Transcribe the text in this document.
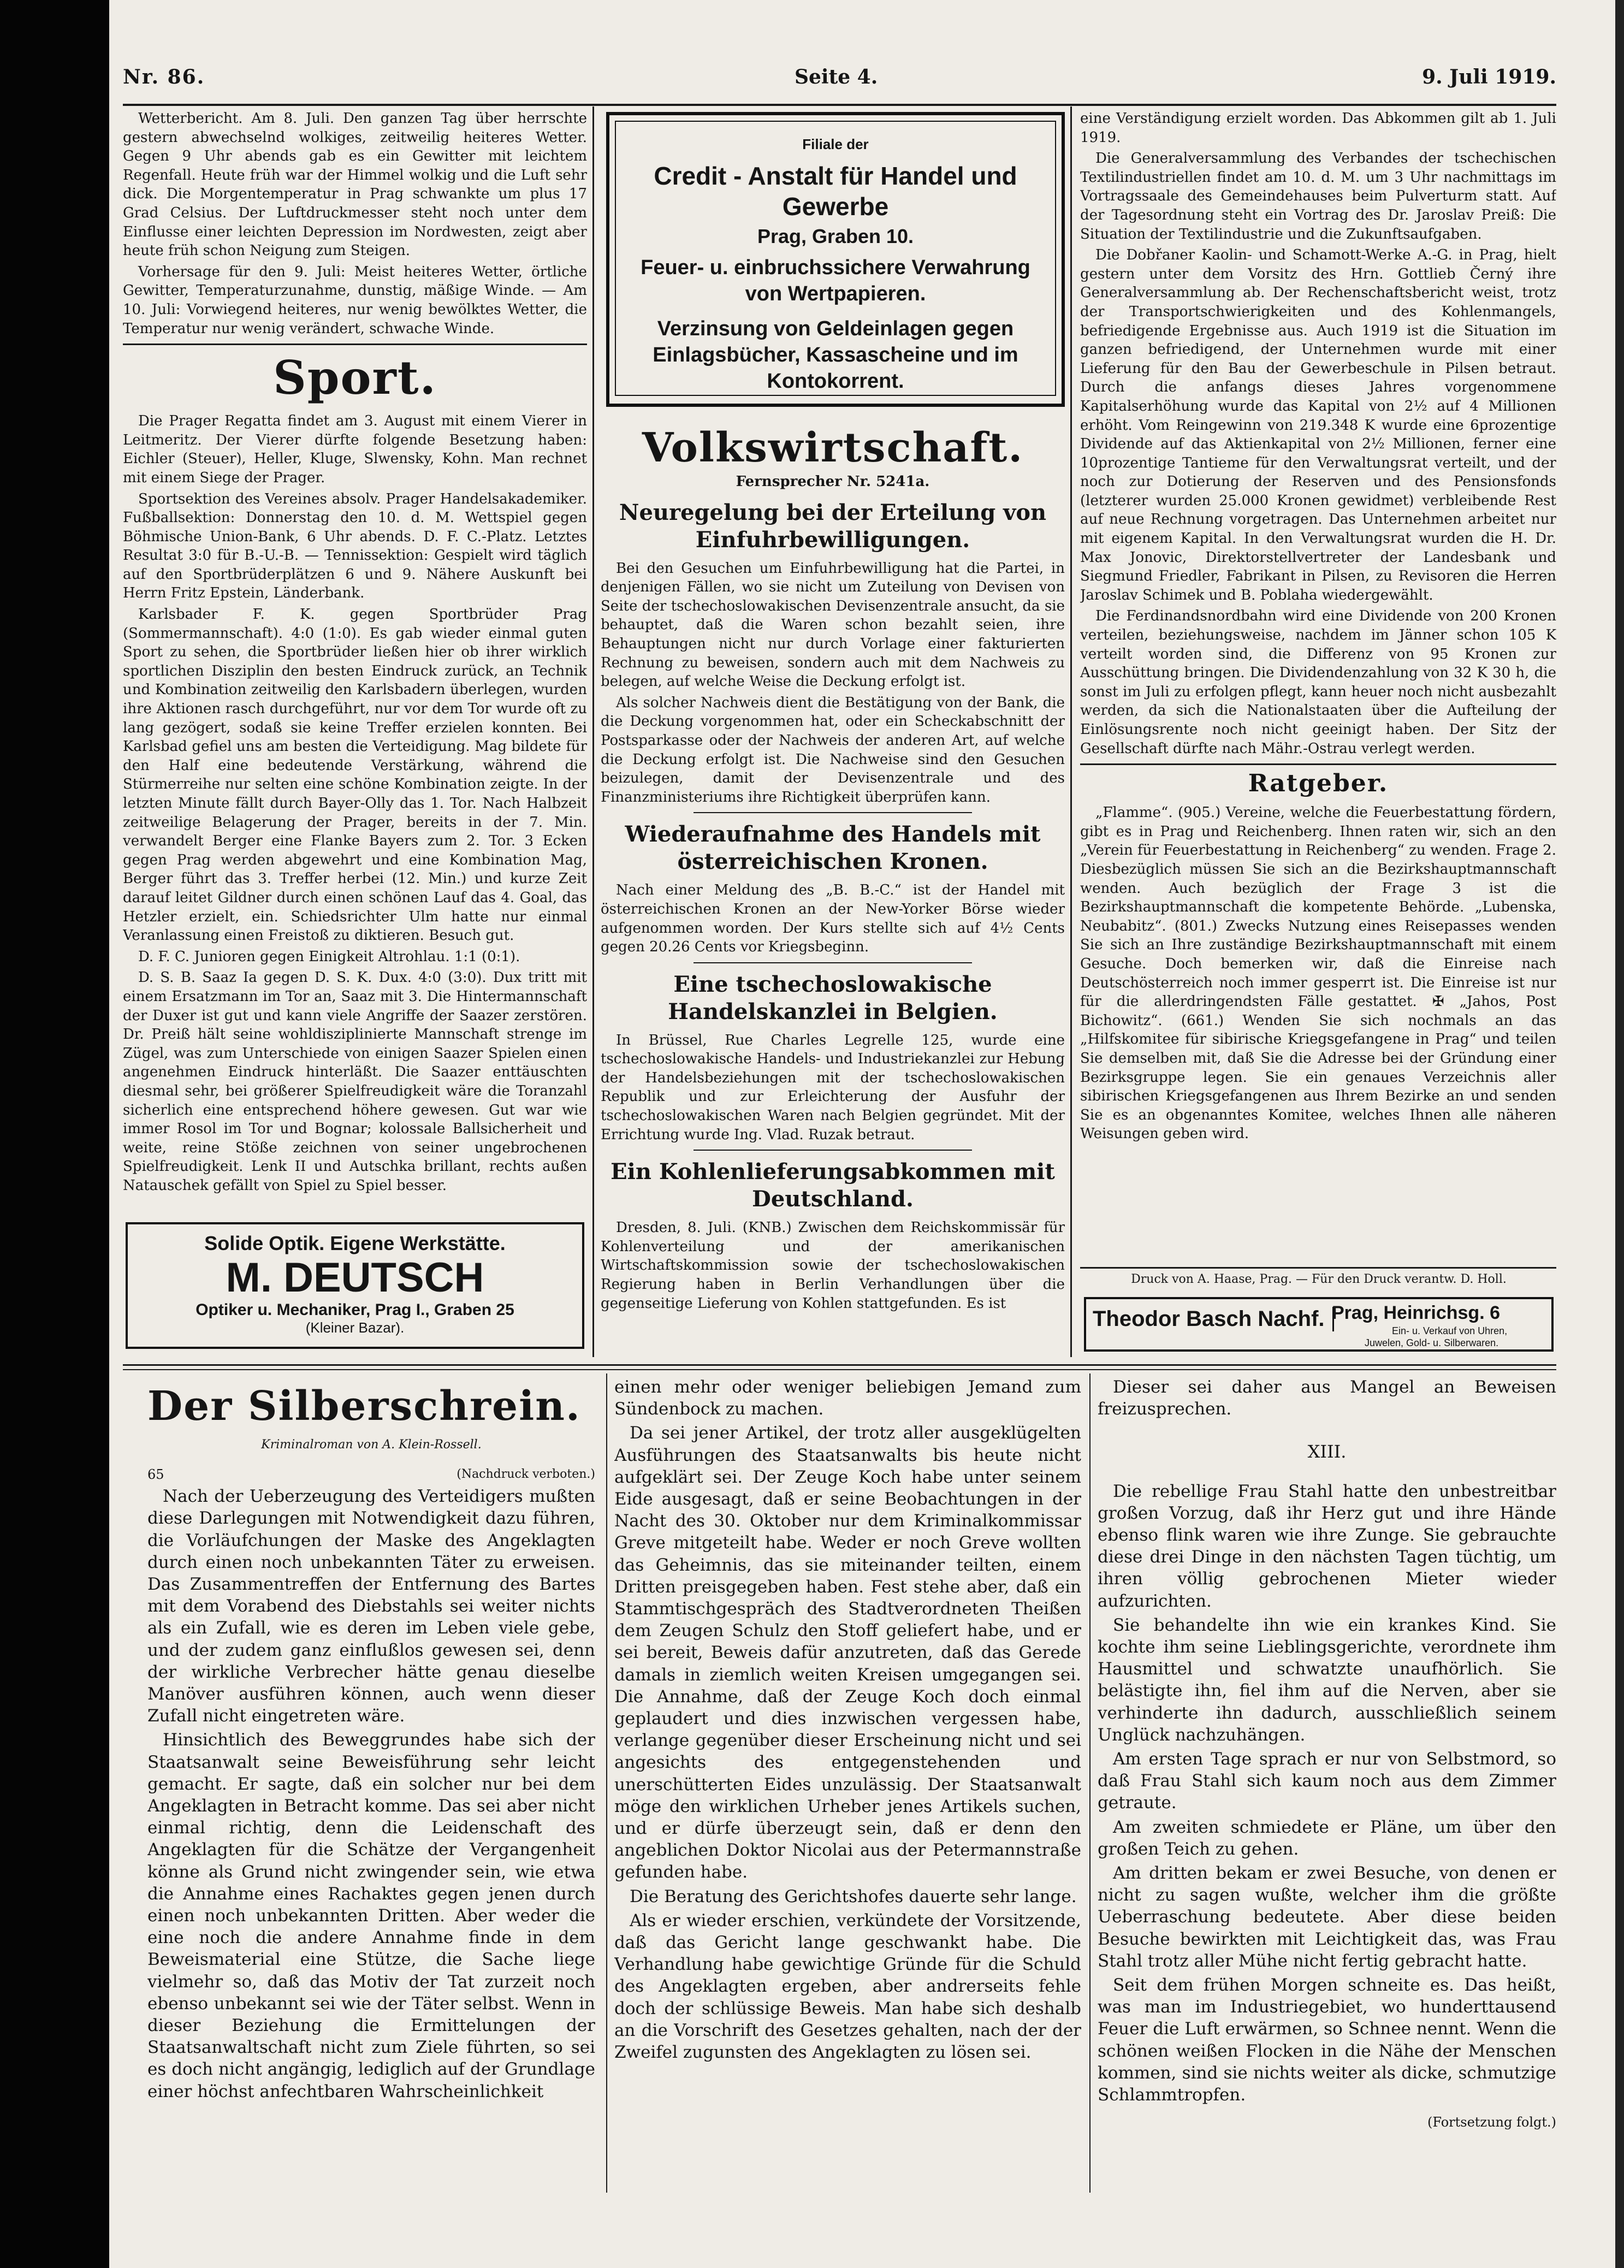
Nr. 86.	Seite 4.	9. Juli 1919.

Wetterbericht. Am 8. Juli. Den ganzen Tag über herrschte gestern abwechselnd wolkiges, zeitweilig heiteres Wetter. Gegen 9 Uhr abends gab es ein Gewitter mit leichtem Regenfall. Heute früh war der Himmel wolkig und die Luft sehr dick. Die Morgentemperatur in Prag schwankte um plus 17 Grad Celsius. Der Luftdruckmesser steht noch unter dem Einflusse einer leichten Depression im Nordwesten, zeigt aber heute früh schon Neigung zum Steigen.

Vorhersage für den 9. Juli: Meist heiteres Wetter, örtliche Gewitter, Temperaturzunahme, dunstig, mäßige Winde. — Am 10. Juli: Vorwiegend heiteres, nur wenig bewölktes Wetter, die Temperatur nur wenig verändert, schwache Winde.

Sport.

Die Prager Regatta findet am 3. August mit einem Vierer in Leitmeritz. Der Vierer dürfte folgende Besetzung haben: Eichler (Steuer), Heller, Kluge, Slwensky, Kohn. Man rechnet mit einem Siege der Prager.

Sportsektion des Vereines absolv. Prager Handelsakademiker. Fußballsektion: Donnerstag den 10. d. M. Wettspiel gegen Böhmische Union-Bank, 6 Uhr abends. D. F. C.-Platz. Letztes Resultat 3:0 für B.-U.-B. — Tennissektion: Gespielt wird täglich auf den Sportbrüderplätzen 6 und 9. Nähere Auskunft bei Herrn Fritz Epstein, Länderbank.

Karlsbader F. K. gegen Sportbrüder Prag (Sommermannschaft). 4:0 (1:0). Es gab wieder einmal guten Sport zu sehen, die Sportbrüder ließen hier ob ihrer wirklich sportlichen Disziplin den besten Eindruck zurück, an Technik und Kombination zeitweilig den Karlsbadern überlegen, wurden ihre Aktionen rasch durchgeführt, nur vor dem Tor wurde oft zu lang gezögert, sodaß sie keine Treffer erzielen konnten. Bei Karlsbad gefiel uns am besten die Verteidigung. Mag bildete für den Half eine bedeutende Verstärkung, während die Stürmerreihe nur selten eine schöne Kombination zeigte. In der letzten Minute fällt durch Bayer-Olly das 1. Tor. Nach Halbzeit zeitweilige Belagerung der Prager, bereits in der 7. Min. verwandelt Berger eine Flanke Bayers zum 2. Tor. 3 Ecken gegen Prag werden abgewehrt und eine Kombination Mag, Berger führt das 3. Treffer herbei (12. Min.) und kurze Zeit darauf leitet Gildner durch einen schönen Lauf das 4. Goal, das Hetzler erzielt, ein. Schiedsrichter Ulm hatte nur einmal Veranlassung einen Freistoß zu diktieren. Besuch gut.

D. F. C. Junioren gegen Einigkeit Altrohlau. 1:1 (0:1).

D. S. B. Saaz Ia gegen D. S. K. Dux. 4:0 (3:0). Dux tritt mit einem Ersatzmann im Tor an, Saaz mit 3. Die Hintermannschaft der Duxer ist gut und kann viele Angriffe der Saazer zerstören. Dr. Preiß hält seine wohldisziplinierte Mannschaft strenge im Zügel, was zum Unterschiede von einigen Saazer Spielen einen angenehmen Eindruck hinterläßt. Die Saazer enttäuschten diesmal sehr, bei größerer Spielfreudigkeit wäre die Toranzahl sicherlich eine entsprechend höhere gewesen. Gut war wie immer Rosol im Tor und Bognar; kolossale Ballsicherheit und weite, reine Stöße zeichnen von seiner ungebrochenen Spielfreudigkeit. Lenk II und Autschka brillant, rechts außen Natauschek gefällt von Spiel zu Spiel besser.

Solide Optik. Eigene Werkstätte.
M. DEUTSCH
Optiker u. Mechaniker, Prag I., Graben 25
(Kleiner Bazar).
Filiale der
Credit - Anstalt für Handel und Gewerbe
Prag, Graben 10.
Feuer- u. einbruchssichere Verwahrung von Wertpapieren.
Verzinsung von Geldeinlagen gegen Einlagsbücher, Kassascheine und im Kontokorrent.
Volkswirtschaft.
Fernsprecher Nr. 5241a.
Neuregelung bei der Erteilung von Einfuhrbewilligungen.

Bei den Gesuchen um Einfuhrbewilligung hat die Partei, in denjenigen Fällen, wo sie nicht um Zuteilung von Devisen von Seite der tschechoslowakischen Devisenzentrale ansucht, da sie behauptet, daß die Waren schon bezahlt seien, ihre Behauptungen nicht nur durch Vorlage einer fakturierten Rechnung zu beweisen, sondern auch mit dem Nachweis zu belegen, auf welche Weise die Deckung erfolgt ist.

Als solcher Nachweis dient die Bestätigung von der Bank, die die Deckung vorgenommen hat, oder ein Scheckabschnitt der Postsparkasse oder der Nachweis der anderen Art, auf welche die Deckung erfolgt ist. Die Nachweise sind den Gesuchen beizulegen, damit der Devisenzentrale und des Finanzministeriums ihre Richtigkeit überprüfen kann.

Wiederaufnahme des Handels mit österreichischen Kronen.

Nach einer Meldung des „B. B.-C.“ ist der Handel mit österreichischen Kronen an der New-Yorker Börse wieder aufgenommen worden. Der Kurs stellte sich auf 4½ Cents gegen 20.26 Cents vor Kriegsbeginn.

Eine tschechoslowakische Handelskanzlei in Belgien.

In Brüssel, Rue Charles Legrelle 125, wurde eine tschechoslowakische Handels- und Industriekanzlei zur Hebung der Handelsbeziehungen mit der tschechoslowakischen Republik und zur Erleichterung der Ausfuhr der tschechoslowakischen Waren nach Belgien gegründet. Mit der Errichtung wurde Ing. Vlad. Ruzak betraut.

Ein Kohlenlieferungsabkommen mit Deutschland.

Dresden, 8. Juli. (KNB.) Zwischen dem Reichskommissär für Kohlenverteilung und der amerikanischen Wirtschaftskommission sowie der tschechoslowakischen Regierung haben in Berlin Verhandlungen über die gegenseitige Lieferung von Kohlen stattgefunden. Es ist

eine Verständigung erzielt worden. Das Abkommen gilt ab 1. Juli 1919.

Die Generalversammlung des Verbandes der tschechischen Textilindustriellen findet am 10. d. M. um 3 Uhr nachmittags im Vortragssaale des Gemeindehauses beim Pulverturm statt. Auf der Tagesordnung steht ein Vortrag des Dr. Jaroslav Preiß: Die Situation der Textilindustrie und die Zukunftsaufgaben.

Die Dobřaner Kaolin- und Schamott-Werke A.-G. in Prag, hielt gestern unter dem Vorsitz des Hrn. Gottlieb Černý ihre Generalversammlung ab. Der Rechenschaftsbericht weist, trotz der Transportschwierigkeiten und des Kohlenmangels, befriedigende Ergebnisse aus. Auch 1919 ist die Situation im ganzen befriedigend, der Unternehmen wurde mit einer Lieferung für den Bau der Gewerbeschule in Pilsen betraut. Durch die anfangs dieses Jahres vorgenommene Kapitalserhöhung wurde das Kapital von 2½ auf 4 Millionen erhöht. Vom Reingewinn von 219.348 K wurde eine 6prozentige Dividende auf das Aktienkapital von 2½ Millionen, ferner eine 10prozentige Tantieme für den Verwaltungsrat verteilt, und der noch zur Dotierung der Reserven und des Pensionsfonds (letzterer wurden 25.000 Kronen gewidmet) verbleibende Rest auf neue Rechnung vorgetragen. Das Unternehmen arbeitet nur mit eigenem Kapital. In den Verwaltungsrat wurden die H. Dr. Max Jonovic, Direktorstellvertreter der Landesbank und Siegmund Friedler, Fabrikant in Pilsen, zu Revisoren die Herren Jaroslav Schimek und B. Poblaha wiedergewählt.

Die Ferdinandsnordbahn wird eine Dividende von 200 Kronen verteilen, beziehungsweise, nachdem im Jänner schon 105 K verteilt worden sind, die Differenz von 95 Kronen zur Ausschüttung bringen. Die Dividendenzahlung von 32 K 30 h, die sonst im Juli zu erfolgen pflegt, kann heuer noch nicht ausbezahlt werden, da sich die Nationalstaaten über die Aufteilung der Einlösungsrente noch nicht geeinigt haben. Der Sitz der Gesellschaft dürfte nach Mähr.-Ostrau verlegt werden.

Ratgeber.

„Flamme“. (905.) Vereine, welche die Feuerbestattung fördern, gibt es in Prag und Reichenberg. Ihnen raten wir, sich an den „Verein für Feuerbestattung in Reichenberg“ zu wenden. Frage 2. Diesbezüglich müssen Sie sich an die Bezirkshauptmannschaft wenden. Auch bezüglich der Frage 3 ist die Bezirkshauptmannschaft die kompetente Behörde. „Lubenska, Neubabitz“. (801.) Zwecks Nutzung eines Reisepasses wenden Sie sich an Ihre zuständige Bezirkshauptmannschaft mit einem Gesuche. Doch bemerken wir, daß die Einreise nach Deutschösterreich noch immer gesperrt ist. Die Einreise ist nur für die allerdringendsten Fälle gestattet. ✠ „Jahos, Post Bichowitz“. (661.) Wenden Sie sich nochmals an das „Hilfskomitee für sibirische Kriegsgefangene in Prag“ und teilen Sie demselben mit, daß Sie die Adresse bei der Gründung einer Bezirksgruppe legen. Sie ein genaues Verzeichnis aller sibirischen Kriegsgefangenen aus Ihrem Bezirke an und senden Sie es an obgenanntes Komitee, welches Ihnen alle näheren Weisungen geben wird.

Druck von A. Haase, Prag. — Für den Druck verantw. D. Holl.
Theodor Basch Nachf. Prag, Heinrichsg. 6
Ein- u. Verkauf von Uhren,
Juwelen, Gold- u. Silberwaren.
Der Silberschrein.
Kriminalroman von A. Klein-Rossell.
65	(Nachdruck verboten.)

Nach der Ueberzeugung des Verteidigers mußten diese Darlegungen mit Notwendigkeit dazu führen, die Vorläufchungen der Maske des Angeklagten durch einen noch unbekannten Täter zu erweisen. Das Zusammentreffen der Entfernung des Bartes mit dem Vorabend des Diebstahls sei weiter nichts als ein Zufall, wie es deren im Leben viele gebe, und der zudem ganz einflußlos gewesen sei, denn der wirkliche Verbrecher hätte genau dieselbe Manöver ausführen können, auch wenn dieser Zufall nicht eingetreten wäre.

Hinsichtlich des Beweggrundes habe sich der Staatsanwalt seine Beweisführung sehr leicht gemacht. Er sagte, daß ein solcher nur bei dem Angeklagten in Betracht komme. Das sei aber nicht einmal richtig, denn die Leidenschaft des Angeklagten für die Schätze der Vergangenheit könne als Grund nicht zwingender sein, wie etwa die Annahme eines Rachaktes gegen jenen durch einen noch unbekannten Dritten. Aber weder die eine noch die andere Annahme finde in dem Beweismaterial eine Stütze, die Sache liege vielmehr so, daß das Motiv der Tat zurzeit noch ebenso unbekannt sei wie der Täter selbst. Wenn in dieser Beziehung die Ermittelungen der Staatsanwaltschaft nicht zum Ziele führten, so sei es doch nicht angängig, lediglich auf der Grundlage einer höchst anfechtbaren Wahrscheinlichkeit

einen mehr oder weniger beliebigen Jemand zum Sündenbock zu machen.

Da sei jener Artikel, der trotz aller ausgeklügelten Ausführungen des Staatsanwalts bis heute nicht aufgeklärt sei. Der Zeuge Koch habe unter seinem Eide ausgesagt, daß er seine Beobachtungen in der Nacht des 30. Oktober nur dem Kriminalkommissar Greve mitgeteilt habe. Weder er noch Greve wollten das Geheimnis, das sie miteinander teilten, einem Dritten preisgegeben haben. Fest stehe aber, daß ein Stammtischgespräch des Stadtverordneten Theißen dem Zeugen Schulz den Stoff geliefert habe, und er sei bereit, Beweis dafür anzutreten, daß das Gerede damals in ziemlich weiten Kreisen umgegangen sei. Die Annahme, daß der Zeuge Koch doch einmal geplaudert und dies inzwischen vergessen habe, verlange gegenüber dieser Erscheinung nicht und sei angesichts des entgegenstehenden und unerschütterten Eides unzulässig. Der Staatsanwalt möge den wirklichen Urheber jenes Artikels suchen, und er dürfe überzeugt sein, daß er denn den angeblichen Doktor Nicolai aus der Petermannstraße gefunden habe.

Die Beratung des Gerichtshofes dauerte sehr lange.

Als er wieder erschien, verkündete der Vorsitzende, daß das Gericht lange geschwankt habe. Die Verhandlung habe gewichtige Gründe für die Schuld des Angeklagten ergeben, aber andrerseits fehle doch der schlüssige Beweis. Man habe sich deshalb an die Vorschrift des Gesetzes gehalten, nach der der Zweifel zugunsten des Angeklagten zu lösen sei.

Dieser sei daher aus Mangel an Beweisen freizusprechen.

XIII.

Die rebellige Frau Stahl hatte den unbestreitbar großen Vorzug, daß ihr Herz gut und ihre Hände ebenso flink waren wie ihre Zunge. Sie gebrauchte diese drei Dinge in den nächsten Tagen tüchtig, um ihren völlig gebrochenen Mieter wieder aufzurichten.

Sie behandelte ihn wie ein krankes Kind. Sie kochte ihm seine Lieblingsgerichte, verordnete ihm Hausmittel und schwatzte unaufhörlich. Sie belästigte ihn, fiel ihm auf die Nerven, aber sie verhinderte ihn dadurch, ausschließlich seinem Unglück nachzuhängen.

Am ersten Tage sprach er nur von Selbstmord, so daß Frau Stahl sich kaum noch aus dem Zimmer getraute.

Am zweiten schmiedete er Pläne, um über den großen Teich zu gehen.

Am dritten bekam er zwei Besuche, von denen er nicht zu sagen wußte, welcher ihm die größte Ueberraschung bedeutete. Aber diese beiden Besuche bewirkten mit Leichtigkeit das, was Frau Stahl trotz aller Mühe nicht fertig gebracht hatte.

Seit dem frühen Morgen schneite es. Das heißt, was man im Industriegebiet, wo hunderttausend Feuer die Luft erwärmen, so Schnee nennt. Wenn die schönen weißen Flocken in die Nähe der Menschen kommen, sind sie nichts weiter als dicke, schmutzige Schlammtropfen.

(Fortsetzung folgt.)
